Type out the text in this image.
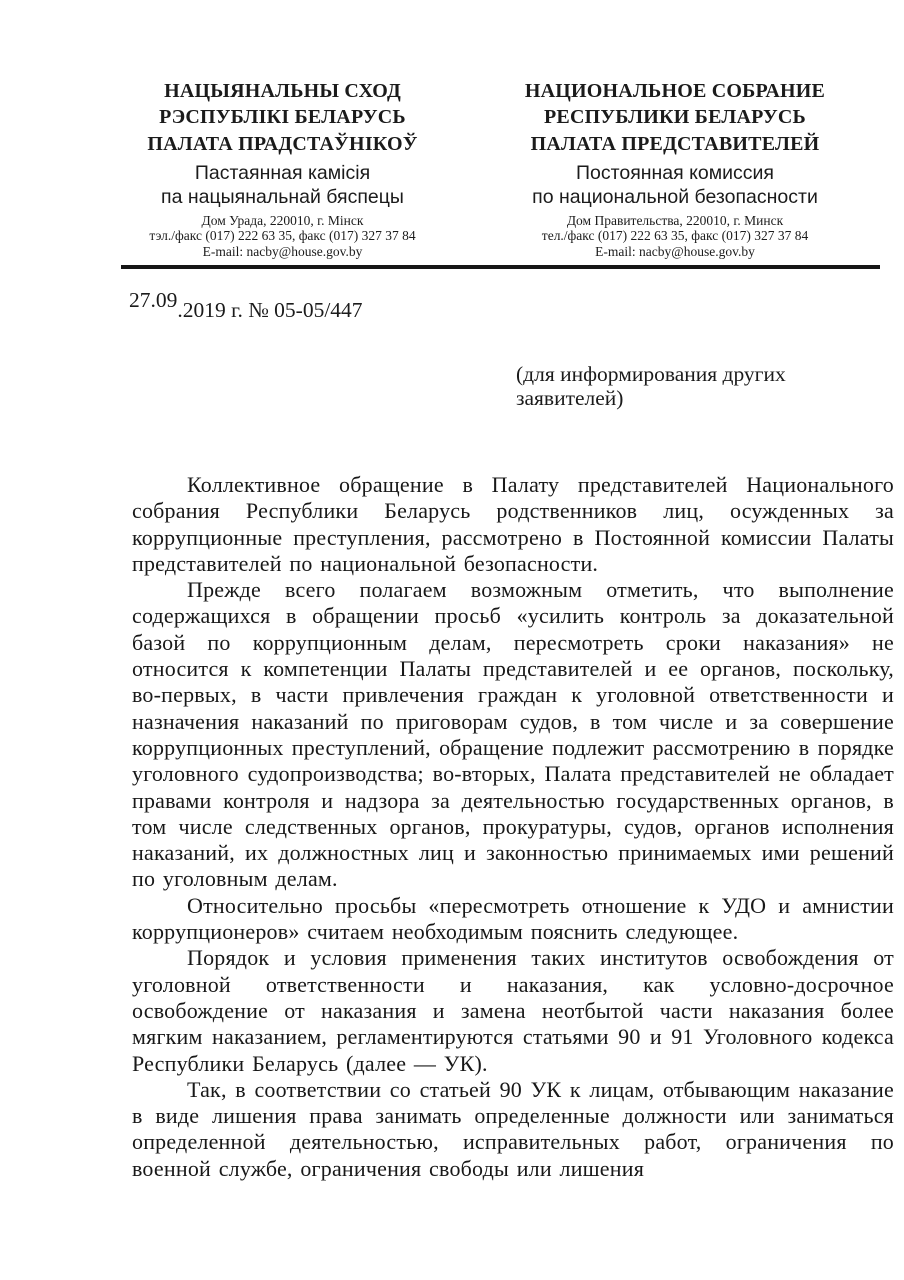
НАЦЫЯНАЛЬНЫ СХОД
РЭСПУБЛІКІ БЕЛАРУСЬ
ПАЛАТА ПРАДСТАЎНІКОЎ
Пастаянная камісія
па нацыянальнай бяспецы
Дом Урада, 220010, г. Мінск
тэл./факс (017) 222 63 35, факс (017) 327 37 84
E-mail: nacby@house.gov.by
НАЦИОНАЛЬНОЕ СОБРАНИЕ
РЕСПУБЛИКИ БЕЛАРУСЬ
ПАЛАТА ПРЕДСТАВИТЕЛЕЙ
Постоянная комиссия
по национальной безопасности
Дом Правительства, 220010, г. Минск
тел./факс (017) 222 63 35, факс (017) 327 37 84
E-mail: nacby@house.gov.by
27.09.2019 г. № 05-05/447
(для информирования других заявителей)

Коллективное обращение в Палату представителей Национального собрания Республики Беларусь родственников лиц, осужденных за коррупционные преступления, рассмотрено в Постоянной комиссии Палаты представителей по национальной безопасности.

Прежде всего полагаем возможным отметить, что выполнение содержащихся в обращении просьб «усилить контроль за доказательной базой по коррупционным делам, пересмотреть сроки наказания» не относится к компетенции Палаты представителей и ее органов, поскольку, во-первых, в части привлечения граждан к уголовной ответственности и назначения наказаний по приговорам судов, в том числе и за совершение коррупционных преступлений, обращение подлежит рассмотрению в порядке уголовного судопроизводства; во-вторых, Палата представителей не обладает правами контроля и надзора за деятельностью государственных органов, в том числе следственных органов, прокуратуры, судов, органов исполнения наказаний, их должностных лиц и законностью принимаемых ими решений по уголовным делам.

Относительно просьбы «пересмотреть отношение к УДО и амнистии коррупционеров» считаем необходимым пояснить следующее.

Порядок и условия применения таких институтов освобождения от уголовной ответственности и наказания, как условно-досрочное освобождение от наказания и замена неотбытой части наказания более мягким наказанием, регламентируются статьями 90 и 91 Уголовного кодекса Республики Беларусь (далее — УК).

Так, в соответствии со статьей 90 УК к лицам, отбывающим наказание в виде лишения права занимать определенные должности или заниматься определенной деятельностью, исправительных работ, ограничения по военной службе, ограничения свободы или лишения
